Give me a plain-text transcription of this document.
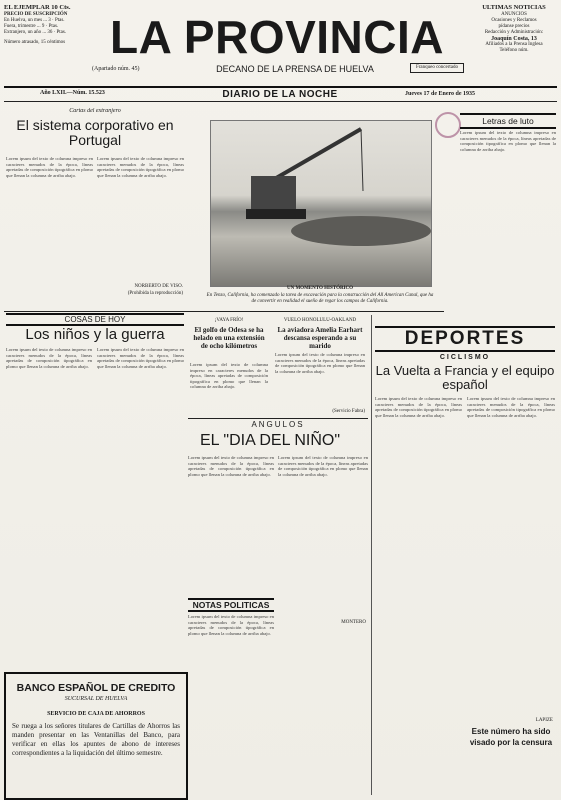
EL EJEMPLAR 10 Cts.
PRECIO DE SUSCRIPCIÓN
En Huelva, un mes ... 3 · Ptas.
Fuera, trimestre ... 9 · Ptas.
Extranjero, un año ... 36 · Ptas.
Número atrasado, 15 céntimos LA PROVINCIA
DECANO DE LA PRENSA DE HUELVA
(Apartado núm. 45)	Franqueo concertado
ULTIMAS NOTICIAS
ANUNCIOS
Ocasiones y Reclamos
pídanse precios
Redacción y Administración:
Joaquín Costa, 13
Afiliados a la Prensa Inglesa
Teléfono núm.
Año LXII.—Núm. 15.523	DIARIO DE LA NOCHE	Jueves 17 de Enero de 1935
Cartas del extranjero
El sistema corporativo en Portugal
Lorem ipsum del texto de columna impreso en caracteres menudos de la época, líneas apretadas de composición tipográfica en plomo que llenan la columna de arriba abajo.
Lorem ipsum del texto de columna impreso en caracteres menudos de la época, líneas apretadas de composición tipográfica en plomo que llenan la columna de arriba abajo.
NORBERTO DE VISO.
(Prohibida la reproducción)
UN MOMENTO HISTÓRICO
En Tenzo, California, ha comenzado la tarea de excavación para la construcción del All American Canal, que ha de convertir en realidad el sueño de regar los campos de California.
Letras de luto
Lorem ipsum del texto de columna impreso en caracteres menudos de la época, líneas apretadas de composición tipográfica en plomo que llenan la columna de arriba abajo.
COSAS DE HOY
Los niños y la guerra
Lorem ipsum del texto de columna impreso en caracteres menudos de la época, líneas apretadas de composición tipográfica en plomo que llenan la columna de arriba abajo.
Lorem ipsum del texto de columna impreso en caracteres menudos de la época, líneas apretadas de composición tipográfica en plomo que llenan la columna de arriba abajo.
¡VAYA FRÍO!
El golfo de Odesa se ha helado en una extensión de ocho kilómetros
Lorem ipsum del texto de columna impreso en caracteres menudos de la época, líneas apretadas de composición tipográfica en plomo que llenan la columna de arriba abajo.
VUELO HONOLULU-OAKLAND
La aviadora Amelia Earhart descansa esperando a su marido
Lorem ipsum del texto de columna impreso en caracteres menudos de la época, líneas apretadas de composición tipográfica en plomo que llenan la columna de arriba abajo.
(Servicio Fabra)
ANGULOS
EL "DIA DEL NIÑO"
Lorem ipsum del texto de columna impreso en caracteres menudos de la época, líneas apretadas de composición tipográfica en plomo que llenan la columna de arriba abajo.
Lorem ipsum del texto de columna impreso en caracteres menudos de la época, líneas apretadas de composición tipográfica en plomo que llenan la columna de arriba abajo.
MONTERO
NOTAS POLITICAS
Lorem ipsum del texto de columna impreso en caracteres menudos de la época, líneas apretadas de composición tipográfica en plomo que llenan la columna de arriba abajo.
DEPORTES
CICLISMO
La Vuelta a Francia y el equipo español
Lorem ipsum del texto de columna impreso en caracteres menudos de la época, líneas apretadas de composición tipográfica en plomo que llenan la columna de arriba abajo.
Lorem ipsum del texto de columna impreso en caracteres menudos de la época, líneas apretadas de composición tipográfica en plomo que llenan la columna de arriba abajo.
LAPIZE
Este número ha sido visado por la censura
BANCO ESPAÑOL DE CREDITO
SUCURSAL DE HUELVA
SERVICIO DE CAJA DE AHORROS
Se ruega a los señores titulares de Cartillas de Ahorros las manden presentar en las Ventanillas del Banco, para verificar en ellas los apuntes de abono de intereses correspondientes a la liquidación del último semestre.
